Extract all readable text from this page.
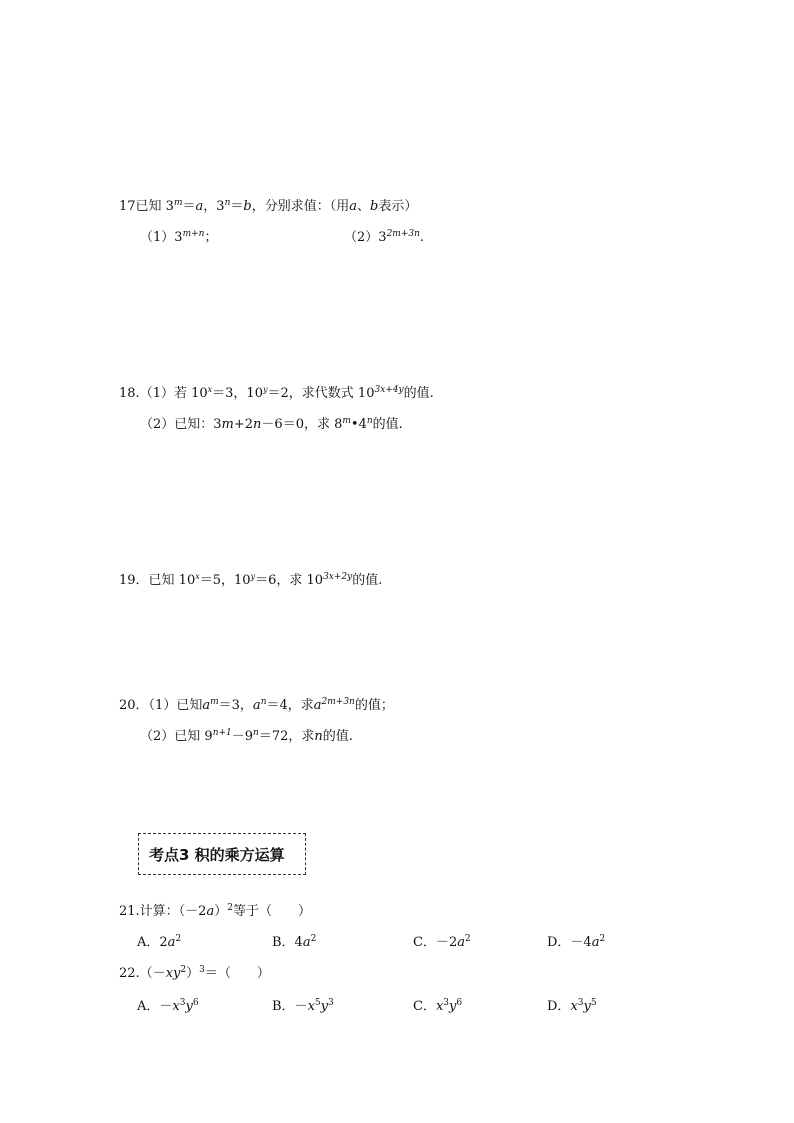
17已知 $3^m=a$，$3^n=b$，分别求值：（用a、b表示）
$(1)3^{m+n}$；	$(2)3^{2m+3n}$.
18.（1）若 $10^x=3$，$10^y=2$，求代数式 $10^{3x+4y}$的值.
（2）已知：3m+2n－6＝0，求 8$^m$•4$^n$的值.
19．已知 $10^x=5$，$10^y=6$，求 $10^{3x+2y}$的值.
20．（1）已知$a^m=3$，$a^n=4$，求$a^{2m+3n}$的值；
（2）已知 $9^{n+1}-9^n=72$，求n的值.
考点3 积的乘方运算
21.计算：$(-2a)^2$等于（　　）
A．$2a^2$	B．$4a^2$	C．$-2a^2$	D．$-4a^2$
$22.(-xy^2)^3=$（　　）
A．$-x^3y^6$	B．$-x^5y^3$	C．$x^3y^6$	D．$x^3y^5$
